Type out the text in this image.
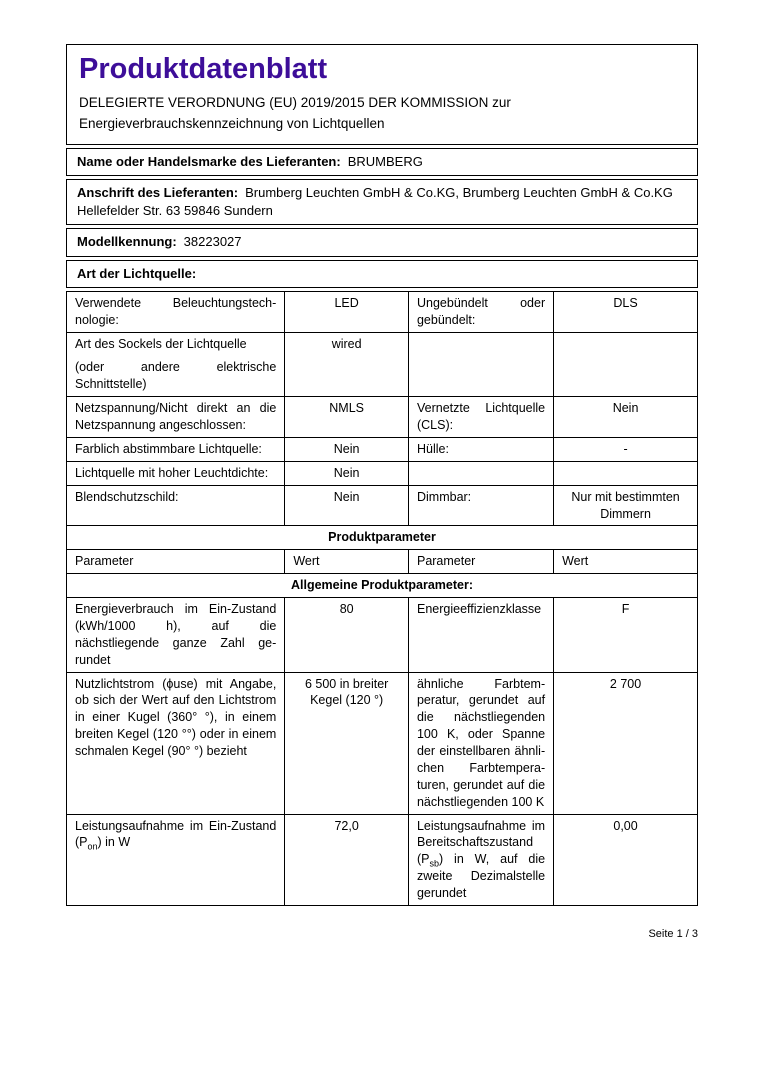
Produktdatenblatt
DELEGIERTE VERORDNUNG (EU) 2019/2015 DER KOMMISSION zur Energieverbrauchskennzeichnung von Lichtquellen
Name oder Handelsmarke des Lieferanten: BRUMBERG
Anschrift des Lieferanten: Brumberg Leuchten GmbH & Co.KG, Brumberg Leuchten GmbH & Co.KG Hellefelder Str. 63 59846 Sundern
Modellkennung: 38223027
Art der Lichtquelle:
Verwendete Beleuchtungstechnologie:	LED	Ungebündelt oder gebündelt:	DLS

Art des Sockels der Lichtquelle
(oder andere elektrische Schnittstelle)	wired		
Netzspannung/Nicht direkt an die Netzspannung angeschlossen:	NMLS	Vernetzte Lichtquelle (CLS):	Nein
Farblich abstimmbare Lichtquelle:	Nein	Hülle:	-
Lichtquelle mit hoher Leuchtdichte:	Nein		
Blendschutzschild:	Nein	Dimmbar:	Nur mit bestimmten Dimmern
Produktparameter			
Parameter	Wert	Parameter	Wert
Allgemeine Produktparameter:			
Energieverbrauch im Ein-Zustand (kWh/1000 h), auf die nächstliegende ganze Zahl gerundet	80	Energieeffizienzklasse	F
Nutzlichtstrom (ϕuse) mit Angabe, ob sich der Wert auf den Lichtstrom in einer Kugel (360° °), in einem breiten Kegel (120 °°) oder in einem schmalen Kegel (90° °) bezieht	6 500 in breiter Kegel (120 °)	ähnliche Farbtemperatur, gerundet auf die nächstliegenden 100 K, oder Spanne der einstellbaren ähnlichen Farbtemperaturen, gerundet auf die nächstliegenden 100 K	2 700
Leistungsaufnahme im Ein-Zustand $(P_{on})$ in W	72,0	Leistungsaufnahme im Bereitschaftszustand $(P_{sb})$ in W, auf die zweite Dezimalstelle gerundet	0,00
Seite 1 / 3
